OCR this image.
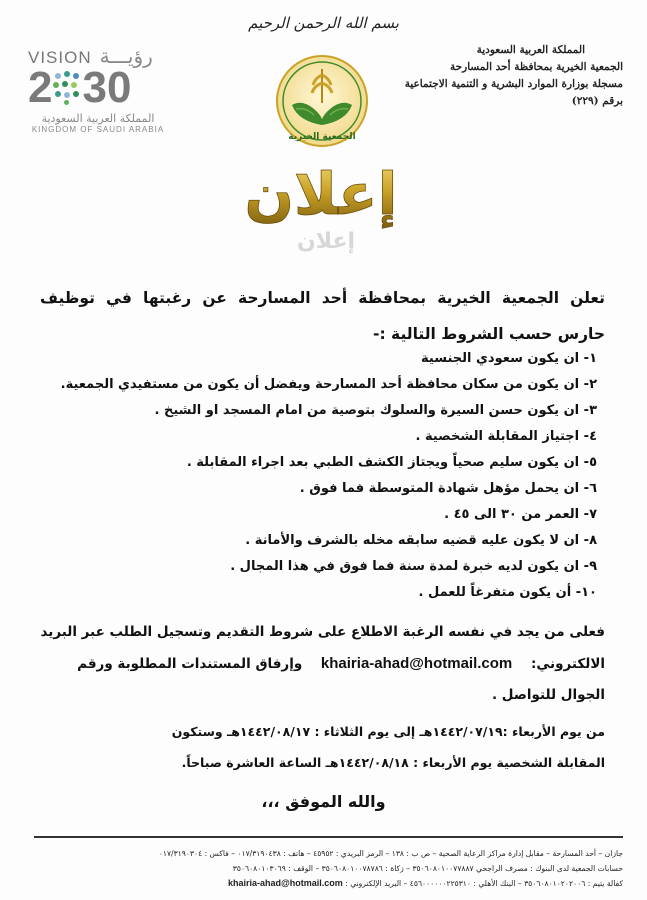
بسم الله الرحمن الرحيم
VISION رؤيـــة
2 30
المملكة العربية السعودية
KINGDOM OF SAUDI ARABIA
الجمعية الخيرية
المملكة العربية السعودية
الجمعية الخيرية بمحافظة أحد المسارحة
مسجلة بوزارة الموارد البشرية و التنمية الاجتماعية
برقم (٢٢٩)
إعلان
إعلان
تعلن الجمعية الخيرية بمحافظة أحد المسارحة عن رغبتها في توظيف حارس حسب الشروط التالية :-
١- ان يكون سعودي الجنسية
٢- ان يكون من سكان محافظة أحد المسارحة ويفضل أن يكون من مستفيدي الجمعية.
٣- ان يكون حسن السيرة والسلوك بتوصية من امام المسجد او الشيخ .
٤- اجتياز المقابلة الشخصية .
٥- ان يكون سليم صحياً ويجتاز الكشف الطبي بعد اجراء المقابلة .
٦- ان يحمل مؤهل شهادة المتوسطة فما فوق .
٧- العمر من ٣٠ الى ٤٥ .
٨- ان لا يكون عليه قضيه سابقه مخله بالشرف والأمانة .
٩- ان يكون لديه خبرة لمدة سنة فما فوق في هذا المجال .
١٠- أن يكون متفرغاً للعمل .
فعلى من يجد في نفسه الرغبة الاطلاع على شروط التقديم وتسجيل الطلب عبر البريد
الالكتروني: khairia-ahad@hotmail.com وإرفاق المستندات المطلوبة ورقم
الجوال للتواصل .
من يوم الأربعاء :١٤٤٢/٠٧/١٩هـ إلى يوم الثلاثاء : ١٤٤٢/٠٨/١٧هـ وستكون
المقابلة الشخصية يوم الأربعاء : ١٤٤٢/٠٨/١٨هـ الساعة العاشرة صباحاً.
والله الموفق ،،،
جازان – أحد المسارحة – مقابل إدارة مراكز الرعاية الصحية – ص ب : ١٣٨ – الرمز البريدي : ٤٥٩٥٢ – هاتف : ٠١٧/٣١٩٠٤٣٨ – فاكس : ٠١٧/٣١٩٠٣٠٤
حسابات الجمعية لدى البنوك : مصرف الراجحي ٣٥٠٦٠٨٠١٠٠٧٧٨٨٧ – زكاة : ٣٥٠٦٠٨٠١٠٠٧٨٧٨٦ – الوقف : ٣٥٠٦٠٨٠١٠٣٠٦٩
كفالة يتيم : ٣٥٠٦٠٨٠١٠٢٠٢٠٠٦ – البنك الأهلي : ٤٥٦٠٠٠٠٠٠٢٢٥٣١٠ – البريد الإلكتروني : khairia-ahad@hotmail.com
